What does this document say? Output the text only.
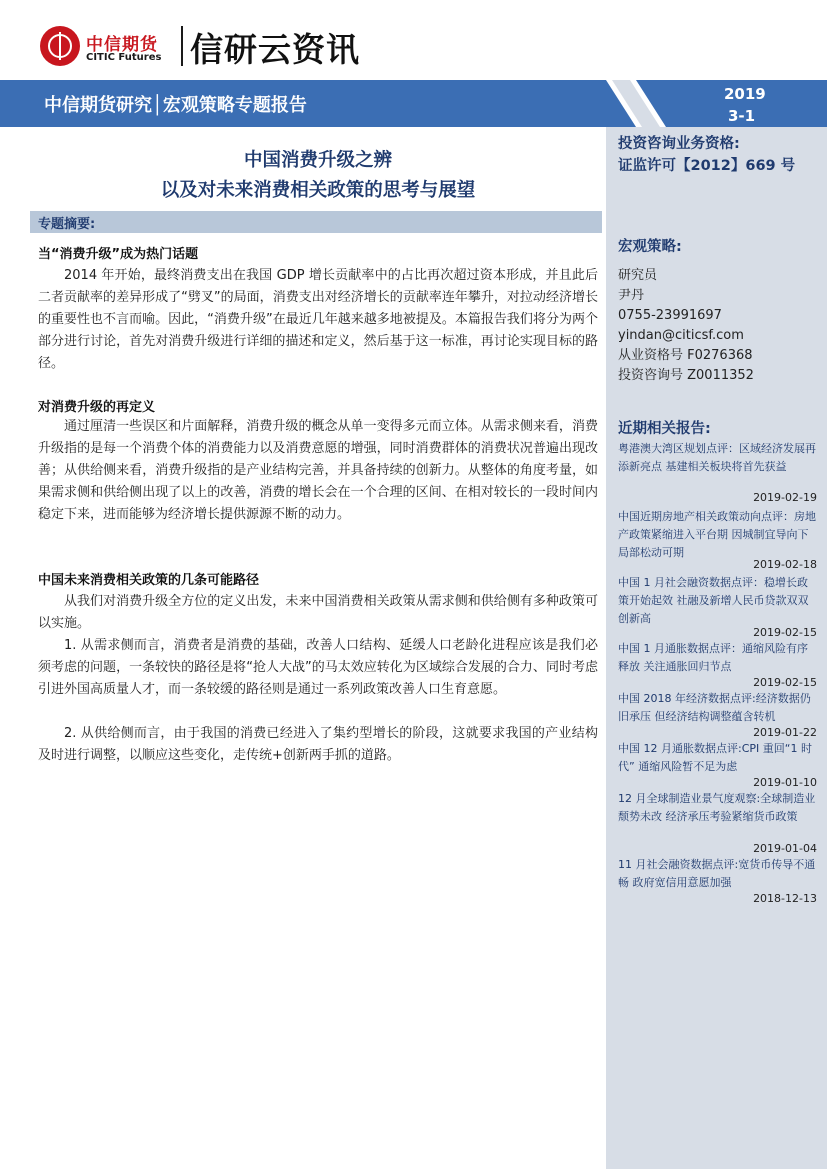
中信期货
CITIC Futures 信研云资讯
中信期货研究│宏观策略专题报告
2019
3-1
投资咨询业务资格:
证监许可【2012】669 号
宏观策略:
研究员
尹丹
0755-23991697
yindan@citicsf.com
从业资格号 F0276368
投资咨询号 Z0011352
近期相关报告:
粤港澳大湾区规划点评：区域经济发展再添新亮点 基建相关板块将首先获益
2019-02-19
中国近期房地产相关政策动向点评：房地产政策紧缩进入平台期 因城制宜导向下局部松动可期
2019-02-18
中国 1 月社会融资数据点评：稳增长政策开始起效 社融及新增人民币贷款双双创新高
2019-02-15
中国 1 月通胀数据点评：通缩风险有序释放 关注通胀回归节点
2019-02-15
中国 2018 年经济数据点评:经济数据仍旧承压 但经济结构调整蕴含转机
2019-01-22
中国 12 月通胀数据点评:CPI 重回“1 时代” 通缩风险暂不足为虑
2019-01-10
12 月全球制造业景气度观察:全球制造业颓势未改 经济承压考验紧缩货币政策
2019-01-04
11 月社会融资数据点评:宽货币传导不通畅 政府宽信用意愿加强
2018-12-13
中国消费升级之辨
以及对未来消费相关政策的思考与展望
专题摘要:
当“消费升级”成为热门话题
2014 年开始，最终消费支出在我国 GDP 增长贡献率中的占比再次超过资本形成，并且此后二者贡献率的差异形成了“劈叉”的局面，消费支出对经济增长的贡献率连年攀升，对拉动经济增长的重要性也不言而喻。因此，“消费升级”在最近几年越来越多地被提及。本篇报告我们将分为两个部分进行讨论，首先对消费升级进行详细的描述和定义，然后基于这一标准，再讨论实现目标的路径。
对消费升级的再定义
通过厘清一些误区和片面解释，消费升级的概念从单一变得多元而立体。从需求侧来看，消费升级指的是每一个消费个体的消费能力以及消费意愿的增强，同时消费群体的消费状况普遍出现改善；从供给侧来看，消费升级指的是产业结构完善，并具备持续的创新力。从整体的角度考量，如果需求侧和供给侧出现了以上的改善，消费的增长会在一个合理的区间、在相对较长的一段时间内稳定下来，进而能够为经济增长提供源源不断的动力。
中国未来消费相关政策的几条可能路径
从我们对消费升级全方位的定义出发，未来中国消费相关政策从需求侧和供给侧有多种政策可以实施。
1. 从需求侧而言，消费者是消费的基础，改善人口结构、延缓人口老龄化进程应该是我们必须考虑的问题，一条较快的路径是将“抢人大战”的马太效应转化为区域综合发展的合力、同时考虑引进外国高质量人才，而一条较缓的路径则是通过一系列政策改善人口生育意愿。
2. 从供给侧而言，由于我国的消费已经进入了集约型增长的阶段，这就要求我国的产业结构及时进行调整，以顺应这些变化，走传统+创新两手抓的道路。
